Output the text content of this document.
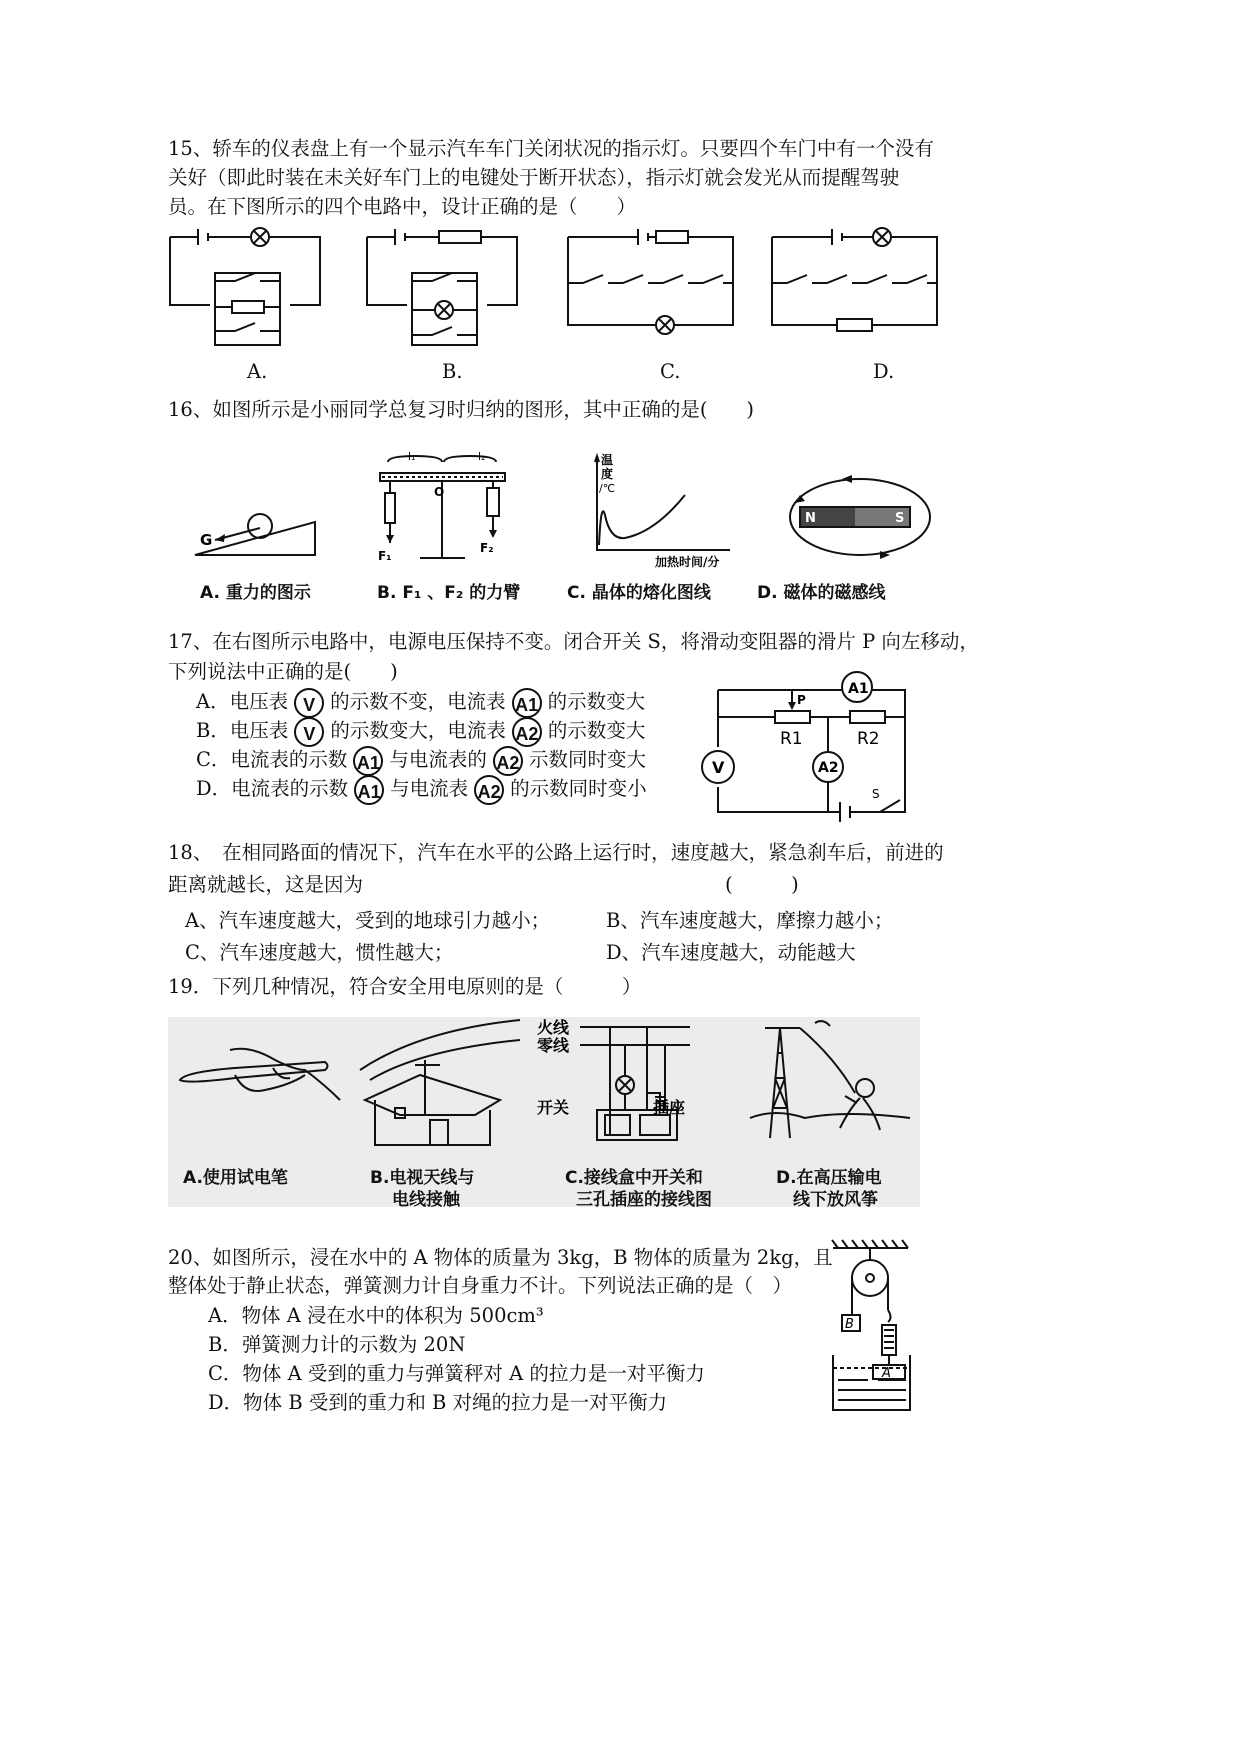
15、轿车的仪表盘上有一个显示汽车车门关闭状况的指示灯。只要四个车门中有一个没有
关好（即此时装在未关好车门上的电键处于断开状态），指示灯就会发光从而提醒驾驶
员。在下图所示的四个电路中，设计正确的是（　　）
A.	B.	C.	D.
16、如图所示是小丽同学总复习时归纳的图形，其中正确的是(　　)
G
l₁	l₂
O
F₁
F₂
温
度
/℃
加热时间/分
N	S
A. 重力的图示	B. F₁ 、F₂ 的力臂	C. 晶体的熔化图线	D. 磁体的磁感线
17、在右图所示电路中，电源电压保持不变。闭合开关 S，将滑动变阻器的滑片 P 向左移动，
下列说法中正确的是(　　)
A．电压表 V 的示数不变，电流表 A1 的示数变大
B．电压表 V 的示数变大，电流表 A2 的示数变大
C．电流表的示数 A1 与电流表的 A2 示数同时变大
D．电流表的示数 A1 与电流表 A2 的示数同时变小
A1
V	A2
P
R1	R2
S
18、　在相同路面的情况下，汽车在水平的公路上运行时，速度越大，紧急刹车后，前进的
距离就越长，这是因为	(　　　)
A、汽车速度越大，受到的地球引力越小；	B、汽车速度越大，摩擦力越小；
C、汽车速度越大，惯性越大；	D、汽车速度越大，动能越大
19．下列几种情况，符合安全用电原则的是（　　　）
火线
零线
开关	插座
A.使用试电笔	B.电视天线与
电线接触
C.接线盒中开关和
三孔插座的接线图
D.在高压输电
线下放风筝
20、如图所示，浸在水中的 A 物体的质量为 3kg，B 物体的质量为 2kg，且
整体处于静止状态，弹簧测力计自身重力不计。下列说法正确的是（　）
A．物体 A 浸在水中的体积为 500cm³
B．弹簧测力计的示数为 20N
C．物体 A 受到的重力与弹簧秤对 A 的拉力是一对平衡力
D．物体 B 受到的重力和 B 对绳的拉力是一对平衡力
B
A
